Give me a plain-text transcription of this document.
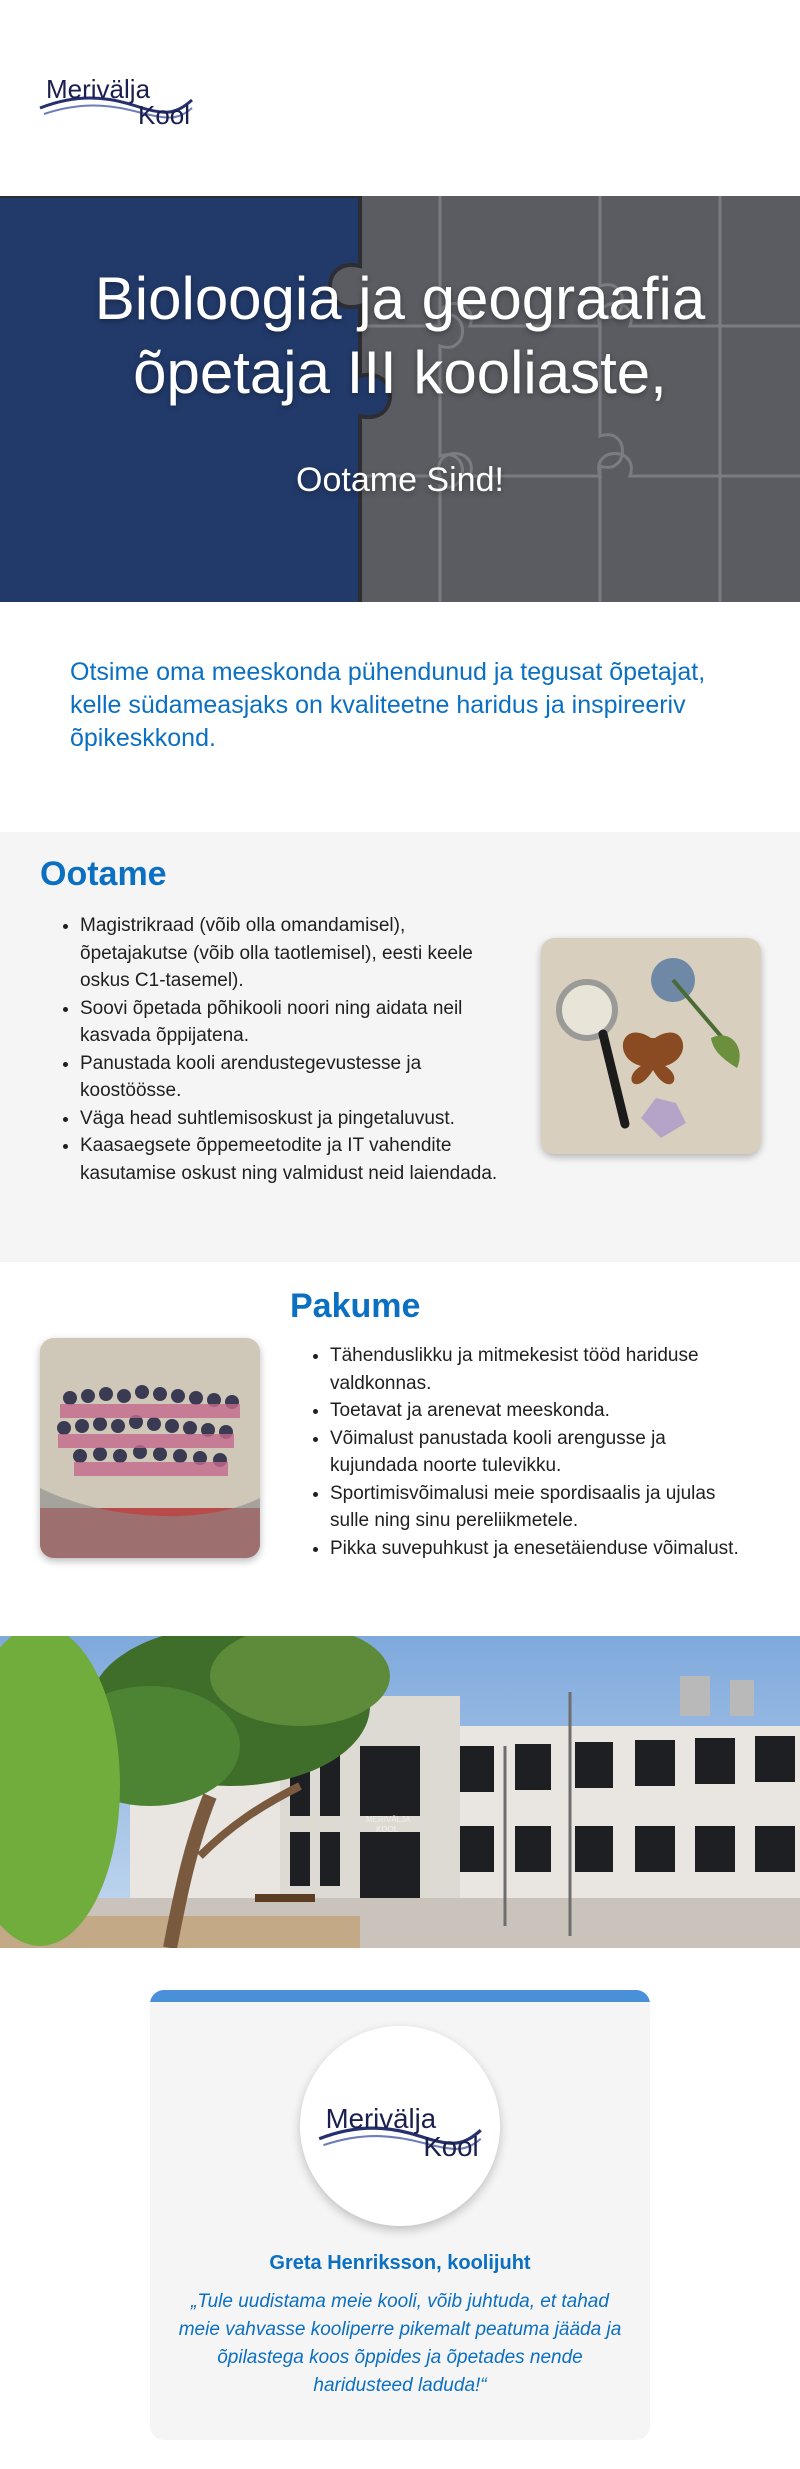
Merivälja
Kool
Bioloogia ja geograafia
õpetaja III kooliaste,
Ootame Sind!

Otsime oma meeskonda pühendunud ja tegusat õpetajat, kelle südameasjaks on kvaliteetne haridus ja inspireeriv õpikeskkond.

Ootame
• Magistrikraad (võib olla omandamisel), õpetajakutse (võib olla taotlemisel), eesti keele oskus C1-tasemel).
• Soovi õpetada põhikooli noori ning aidata neil kasvada õppijatena.
• Panustada kooli arendustegevustesse ja koostöösse.
• Väga head suhtlemisoskust ja pingetaluvust.
• Kaasaegsete õppemeetodite ja IT vahendite kasutamise oskust ning valmidust neid laiendada.
Pakume
• Tähenduslikku ja mitmekesist tööd hariduse valdkonnas.
• Toetavat ja arenevat meeskonda.
• Võimalust panustada kooli arengusse ja kujundada noorte tulevikku.
• Sportimisvõimalusi meie spordisaalis ja ujulas sulle ning sinu pereliikmetele.
• Pikka suvepuhkust ja enesetäienduse võimalust.
MERIVÄLJA
KOOL
Merivälja
Kool
Greta Henriksson, koolijuht

„Tule uudistama meie kooli, võib juhtuda, et tahad meie vahvasse kooliperre pikemalt peatuma jääda ja õpilastega koos õppides ja õpetades nende haridusteed laduda!“
